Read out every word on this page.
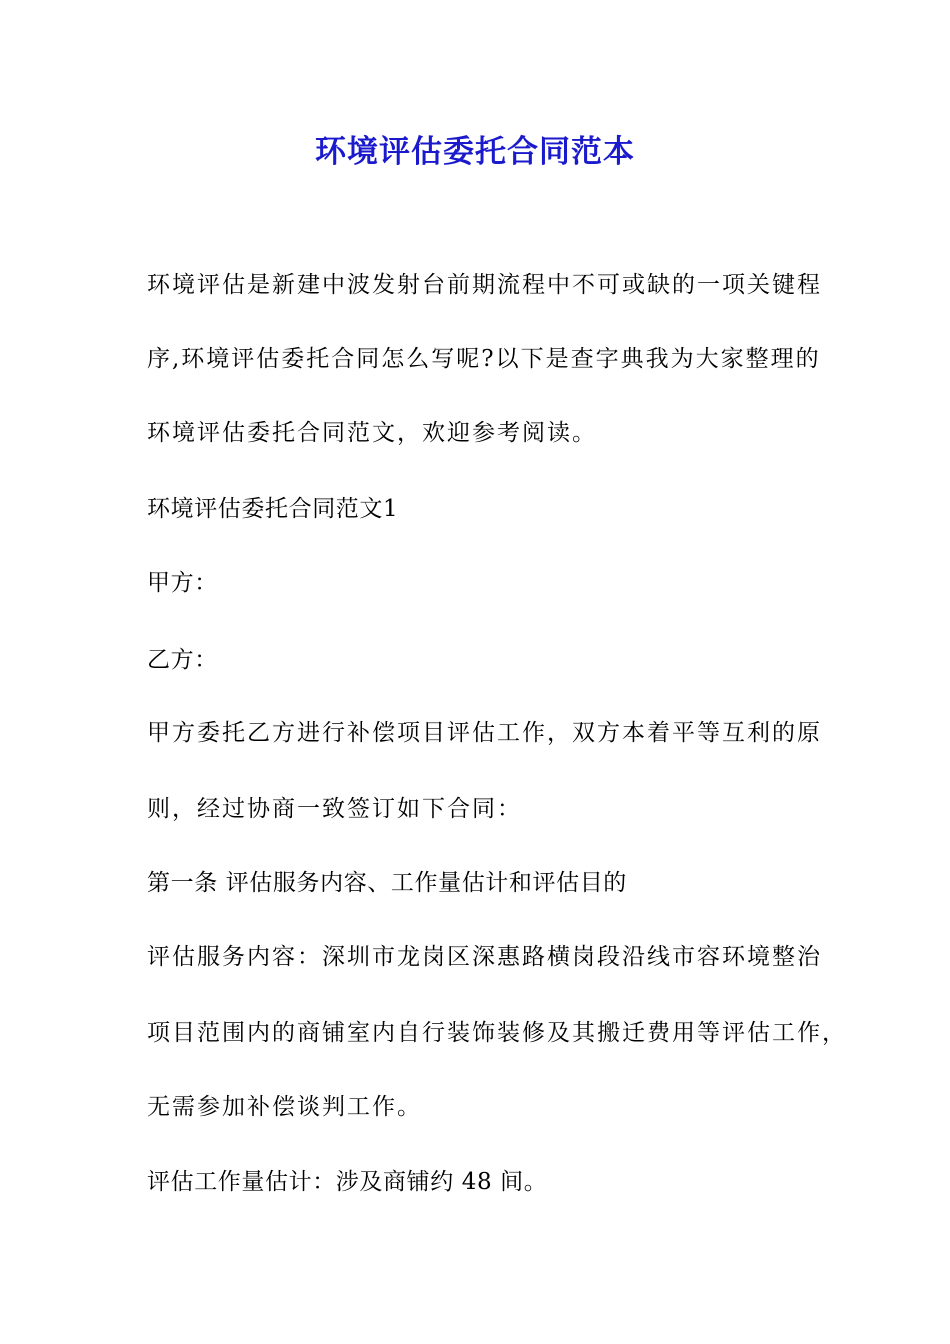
环境评估委托合同范本

环境评估是新建中波发射台前期流程中不可或缺的一项关键程

序,环境评估委托合同怎么写呢?以下是查字典我为大家整理的

环境评估委托合同范文，欢迎参考阅读。

环境评估委托合同范文1

甲方：

乙方：

甲方委托乙方进行补偿项目评估工作，双方本着平等互利的原

则，经过协商一致签订如下合同：

第一条 评估服务内容、工作量估计和评估目的

评估服务内容：深圳市龙岗区深惠路横岗段沿线市容环境整治

项目范围内的商铺室内自行装饰装修及其搬迁费用等评估工作，

无需参加补偿谈判工作。

评估工作量估计：涉及商铺约 48 间。
